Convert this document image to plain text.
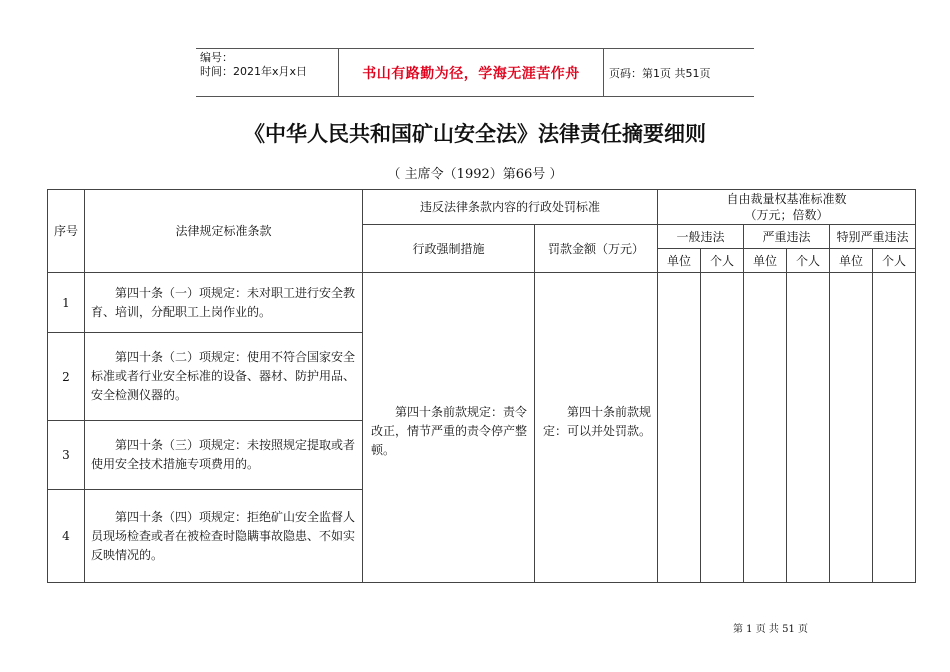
编号：
时间：2021年x月x日	书山有路勤为径，学海无涯苦作舟	页码：第1页 共51页
《中华人民共和国矿山安全法》法律责任摘要细则
（ 主席令（1992）第66号 ）
序号	法律规定标准条款	违反法律条款内容的行政处罚标准		自由裁量权基准标准数
（万元；倍数）					

		行政强制措施	罚款金额（万元）	一般违法		严重违法		特别严重违法	
				单位	个人	单位	个人	单位	个人
1	第四十条（一）项规定：未对职工进行安全教育、培训，分配职工上岗作业的。	第四十条前款规定：责令改正，情节严重的责令停产整顿。	第四十条前款规定：可以并处罚款。						
2	第四十条（二）项规定：使用不符合国家安全标准或者行业安全标准的设备、器材、防护用品、安全检测仪器的。								
3	第四十条（三）项规定：未按照规定提取或者使用安全技术措施专项费用的。								
4	第四十条（四）项规定：拒绝矿山安全监督人员现场检查或者在被检查时隐瞒事故隐患、不如实反映情况的。								
第 1 页 共 51 页
